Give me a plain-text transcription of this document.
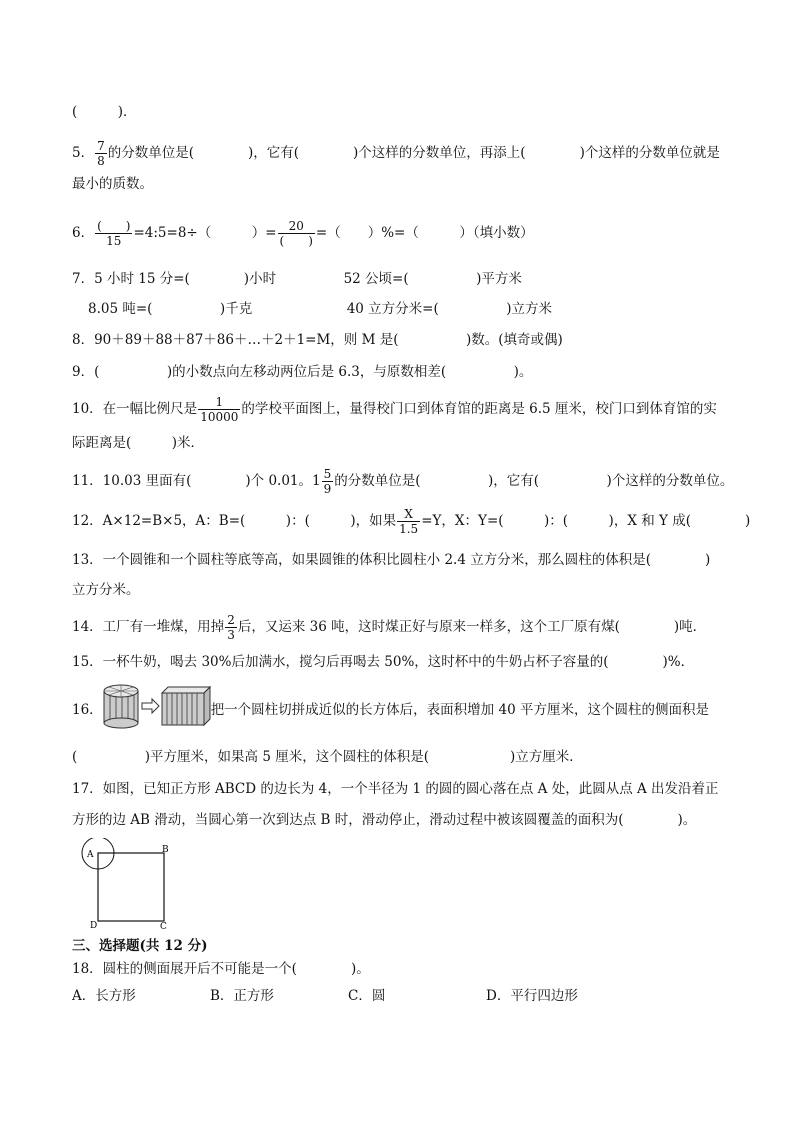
(　　　)．
5． $\frac{7}{8}$ 的分数单位是(　　　　)，它有(　　　　)个这样的分数单位，再添上(　　　　)个这样的分数单位就是
最小的质数。
6． $\frac{( )}{15}$ =4:5=8÷（　　　）= $\frac{20}{( )}$ =（　　）%=（　　　）（填小数）
7．5 小时 15 分=(　　　　)小时　　　　　52 公顷=(　　　　　)平方米
8.05 吨=(　　　　　)千克　　　　　　　40 立方分米=(　　　　　)立方米
8．90＋89＋88＋87＋86＋…＋2＋1=M，则 M 是(　　　　　)数。(填奇或偶)
9．(　　　　　)的小数点向左移动两位后是 6.3，与原数相差(　　　　　)。
10．在一幅比例尺是 $\frac{1}{10000}$ 的学校平面图上，量得校门口到体育馆的距离是 6.5 厘米，校门口到体育馆的实
际距离是(　　　)米．
11．10.03 里面有(　　　　)个 0.01。$1 \frac{5}{9}$ 的分数单位是(　　　　　)，它有(　　　　　)个这样的分数单位。
12．A×12=B×5，A：B=(　　　)：(　　　)，如果 $\frac{X}{1.5} =Y$，X：Y=(　　　)：(　　　)，X 和 Y 成(　　　　)
13．一个圆锥和一个圆柱等底等高，如果圆锥的体积比圆柱小 2.4 立方分米，那么圆柱的体积是(　　　　)
立方分米。
14．工厂有一堆煤，用掉 $\frac{2}{3}$ 后，又运来 36 吨，这时煤正好与原来一样多，这个工厂原有煤(　　　　)吨．
15．一杯牛奶，喝去 30%后加满水，搅匀后再喝去 50%，这时杯中的牛奶占杯子容量的(　　　　)%．
16．	把一个圆柱切拼成近似的长方体后，表面积增加 40 平方厘米，这个圆柱的侧面积是
(　　　　　)平方厘米，如果高 5 厘米，这个圆柱的体积是(　　　　　　)立方厘米．
17．如图，已知正方形 ABCD 的边长为 4，一个半径为 1 的圆的圆心落在点 A 处，此圆从点 A 出发沿着正
方形的边 AB 滑动，当圆心第一次到达点 B 时，滑动停止，滑动过程中被该圆覆盖的面积为(　　　　)。
A	B
C
D
三、选择题(共 12 分)
18．圆柱的侧面展开后不可能是一个(　　　　)。
A．长方形	B．正方形	C．圆	D．平行四边形
